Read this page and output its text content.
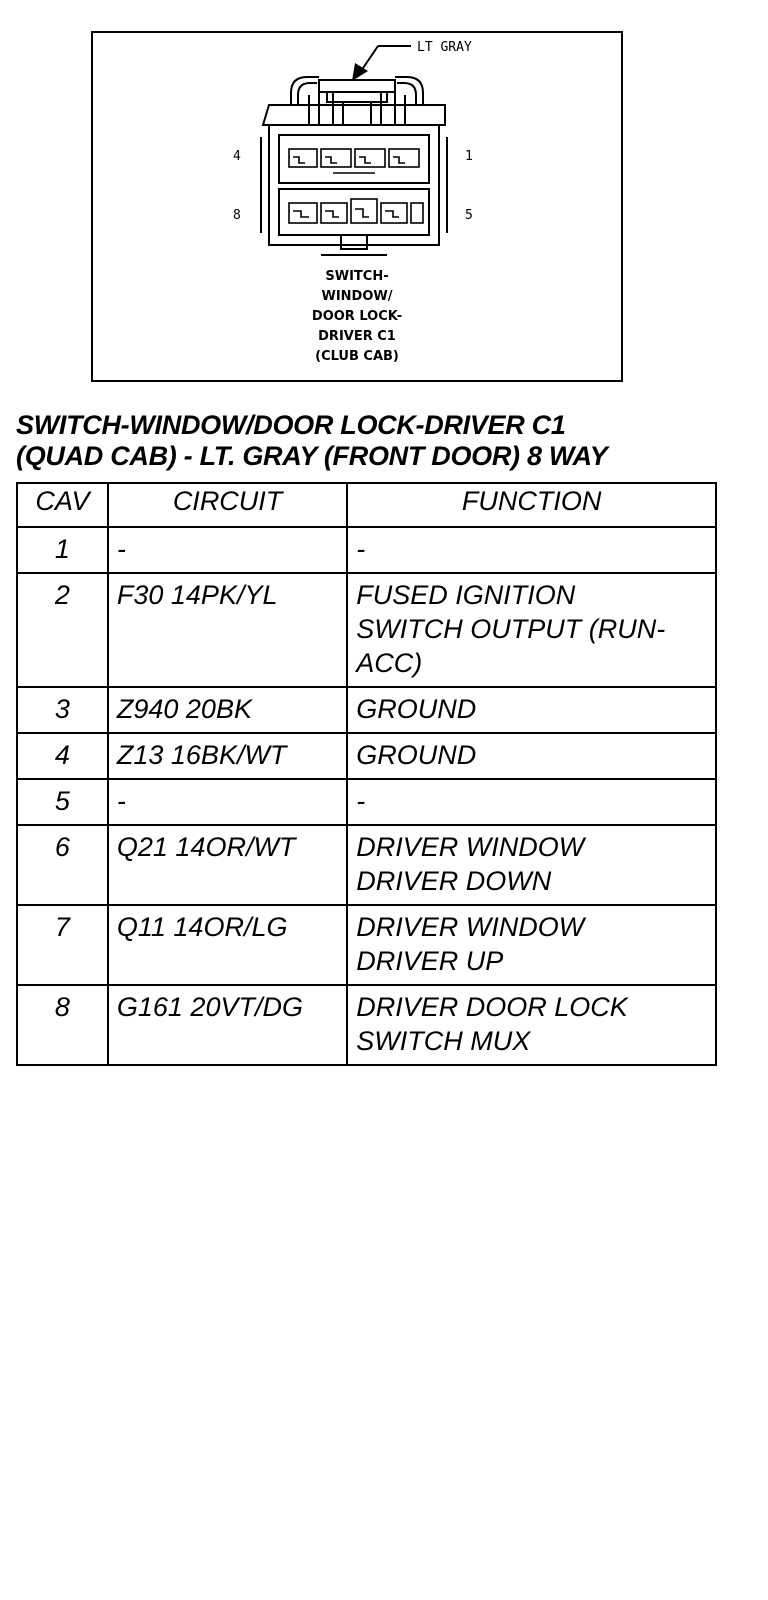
LT GRAY
4	1
8	5
SWITCH-
WINDOW/
DOOR LOCK-
DRIVER C1
(CLUB CAB)
SWITCH-WINDOW/DOOR LOCK-DRIVER C1
(QUAD CAB) - LT. GRAY (FRONT DOOR) 8 WAY
CAV	CIRCUIT	FUNCTION
1	-	-

2	F30 14PK/YL	FUSED IGNITION
SWITCH OUTPUT (RUN-
ACC)

3	Z940 20BK	GROUND

4	Z13 16BK/WT	GROUND

5	-	-

6	Q21 14OR/WT	DRIVER WINDOW
DRIVER DOWN

7	Q11 14OR/LG	DRIVER WINDOW
DRIVER UP

8	G161 20VT/DG	DRIVER DOOR LOCK
SWITCH MUX
